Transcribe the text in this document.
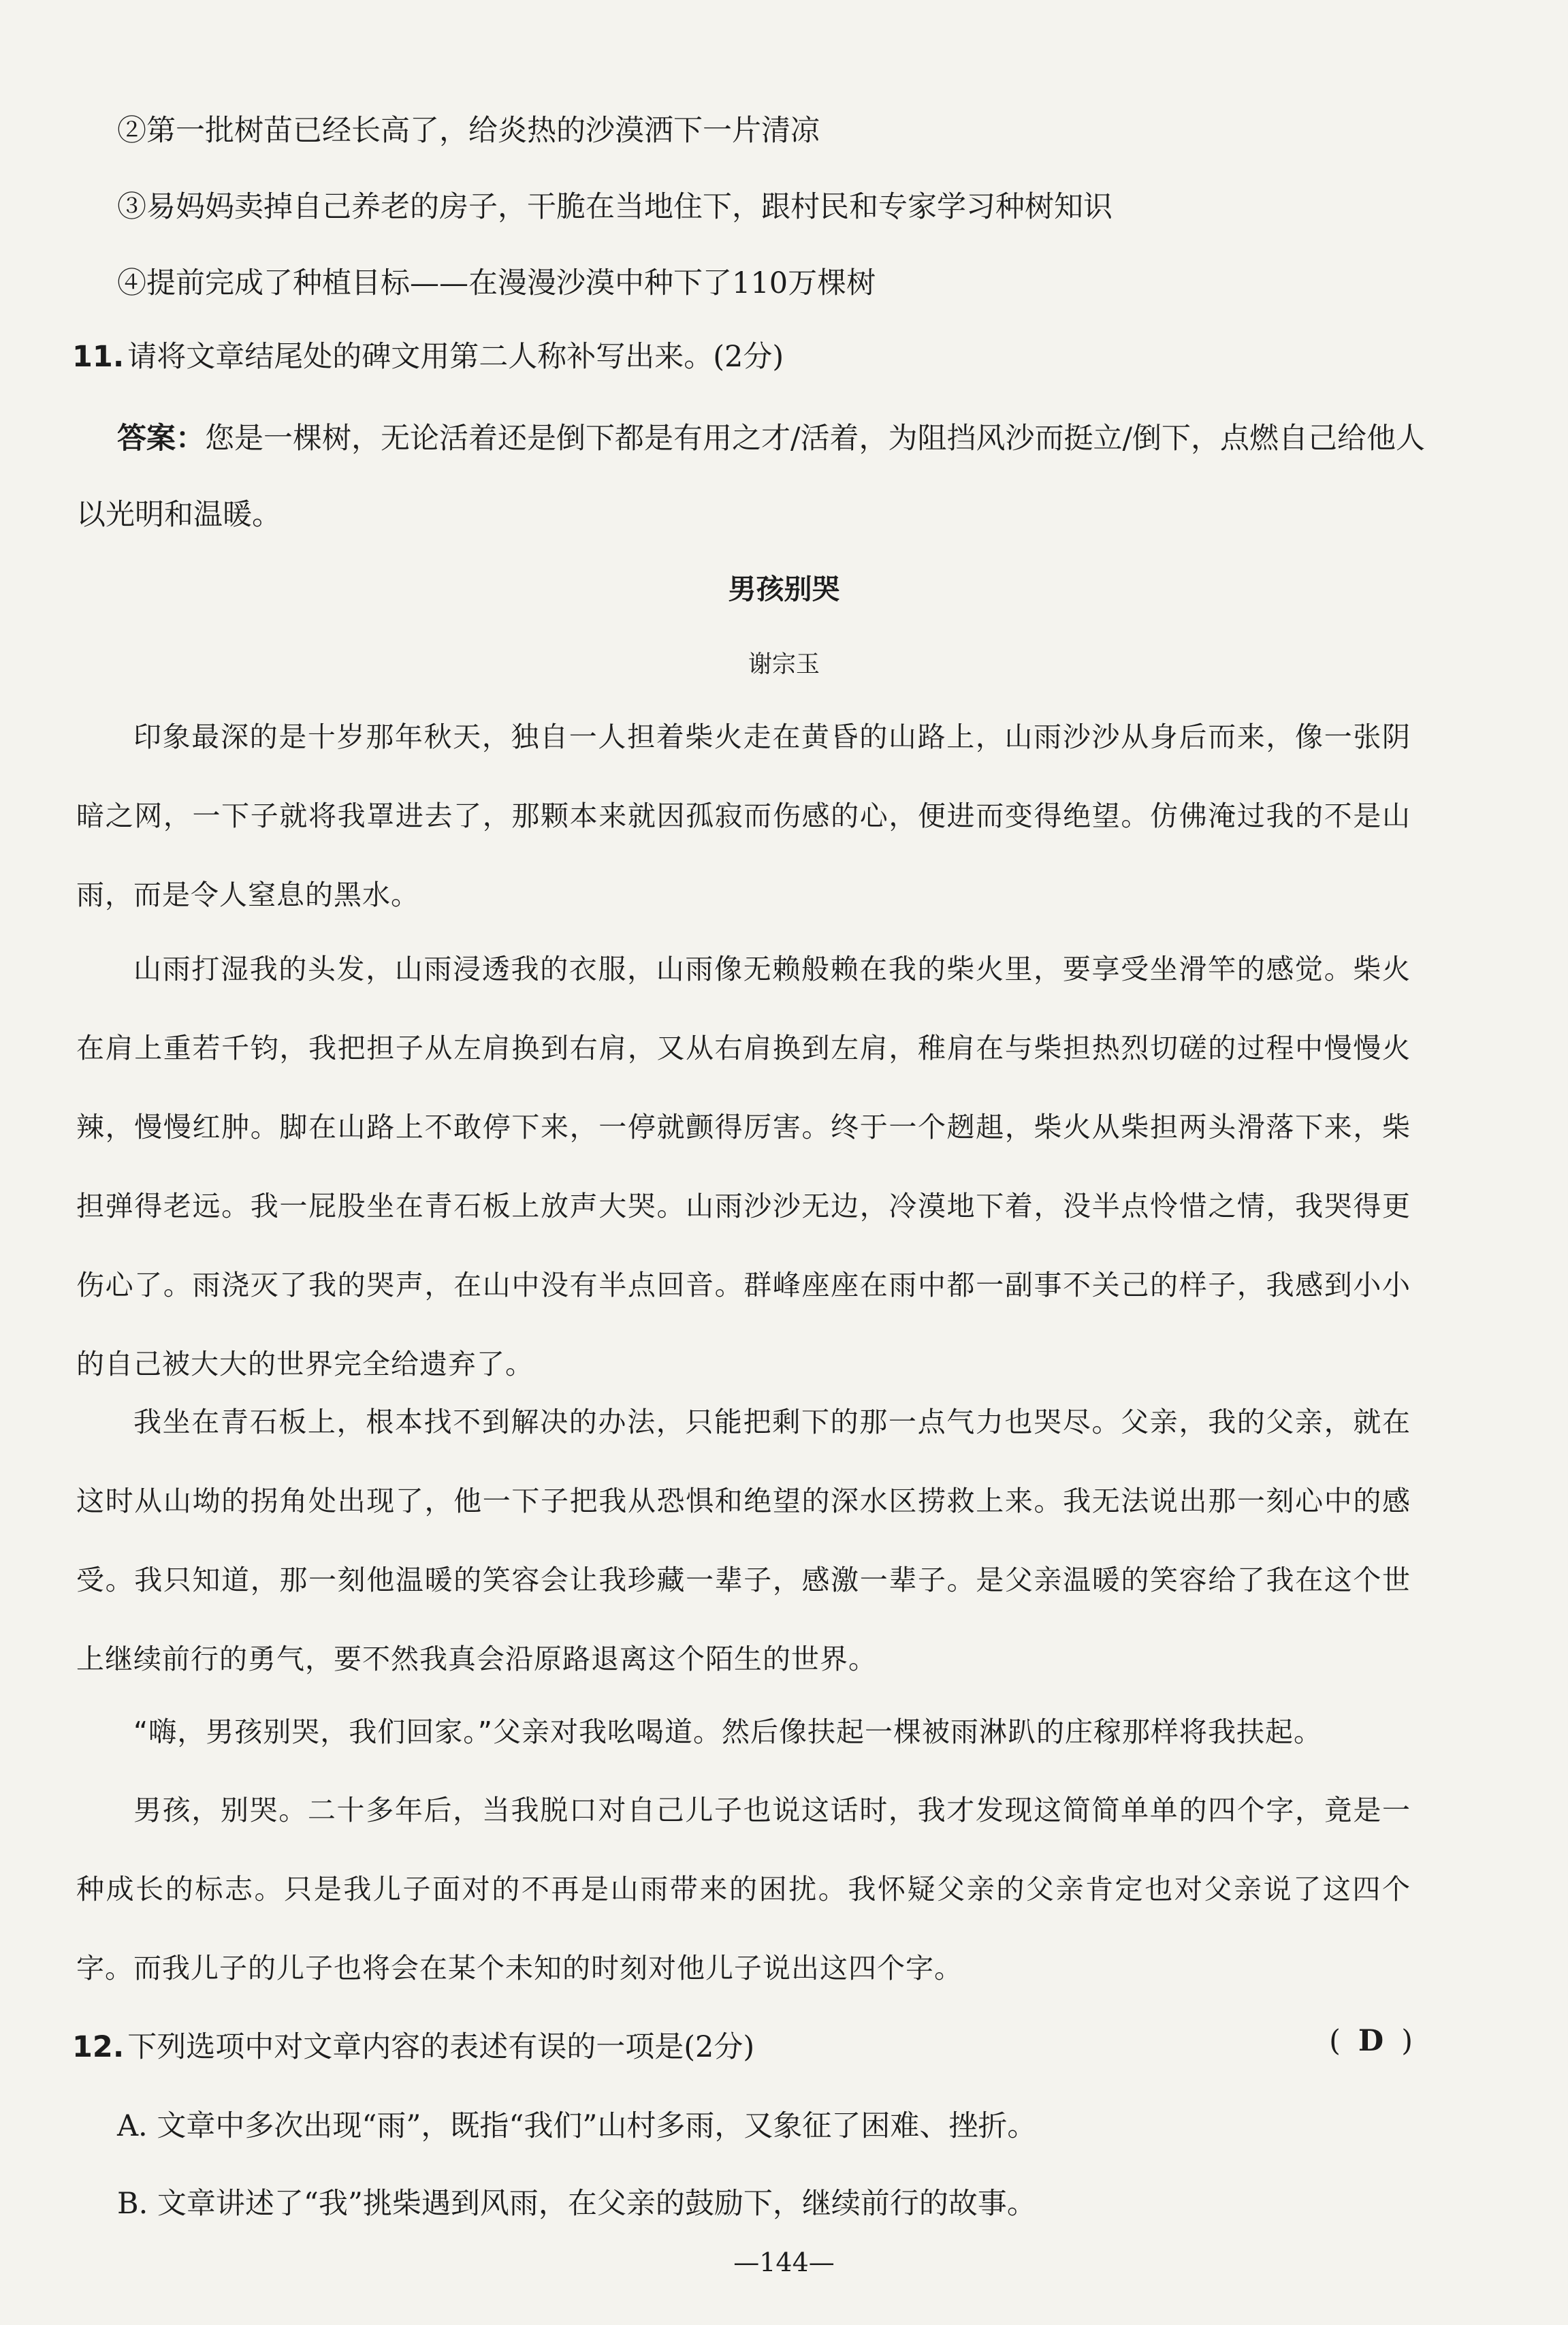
②第一批树苗已经长高了，给炎热的沙漠洒下一片清凉
③易妈妈卖掉自己养老的房子，干脆在当地住下，跟村民和专家学习种树知识
④提前完成了种植目标——在漫漫沙漠中种下了110万棵树
11. 请将文章结尾处的碑文用第二人称补写出来。(2分)
答案：您是一棵树，无论活着还是倒下都是有用之才/活着，为阻挡风沙而挺立/倒下，点燃自己给他人
以光明和温暖。
男孩别哭
谢宗玉
印象最深的是十岁那年秋天，独自一人担着柴火走在黄昏的山路上，山雨沙沙从身后而来，像一张阴暗之网，一下子就将我罩进去了，那颗本来就因孤寂而伤感的心，便进而变得绝望。仿佛淹过我的不是山雨，而是令人窒息的黑水。
山雨打湿我的头发，山雨浸透我的衣服，山雨像无赖般赖在我的柴火里，要享受坐滑竿的感觉。柴火在肩上重若千钧，我把担子从左肩换到右肩，又从右肩换到左肩，稚肩在与柴担热烈切磋的过程中慢慢火辣，慢慢红肿。脚在山路上不敢停下来，一停就颤得厉害。终于一个趔趄，柴火从柴担两头滑落下来，柴担弹得老远。我一屁股坐在青石板上放声大哭。山雨沙沙无边，冷漠地下着，没半点怜惜之情，我哭得更伤心了。雨浇灭了我的哭声，在山中没有半点回音。群峰座座在雨中都一副事不关己的样子，我感到小小的自己被大大的世界完全给遗弃了。
我坐在青石板上，根本找不到解决的办法，只能把剩下的那一点气力也哭尽。父亲，我的父亲，就在这时从山坳的拐角处出现了，他一下子把我从恐惧和绝望的深水区捞救上来。我无法说出那一刻心中的感受。我只知道，那一刻他温暖的笑容会让我珍藏一辈子，感激一辈子。是父亲温暖的笑容给了我在这个世上继续前行的勇气，要不然我真会沿原路退离这个陌生的世界。
“嗨，男孩别哭，我们回家。”父亲对我吆喝道。然后像扶起一棵被雨淋趴的庄稼那样将我扶起。
男孩，别哭。二十多年后，当我脱口对自己儿子也说这话时，我才发现这简简单单的四个字，竟是一种成长的标志。只是我儿子面对的不再是山雨带来的困扰。我怀疑父亲的父亲肯定也对父亲说了这四个字。而我儿子的儿子也将会在某个未知的时刻对他儿子说出这四个字。
12. 下列选项中对文章内容的表述有误的一项是(2分)	( D )
A. 文章中多次出现“雨”，既指“我们”山村多雨，又象征了困难、挫折。
B. 文章讲述了“我”挑柴遇到风雨，在父亲的鼓励下，继续前行的故事。
—144—
